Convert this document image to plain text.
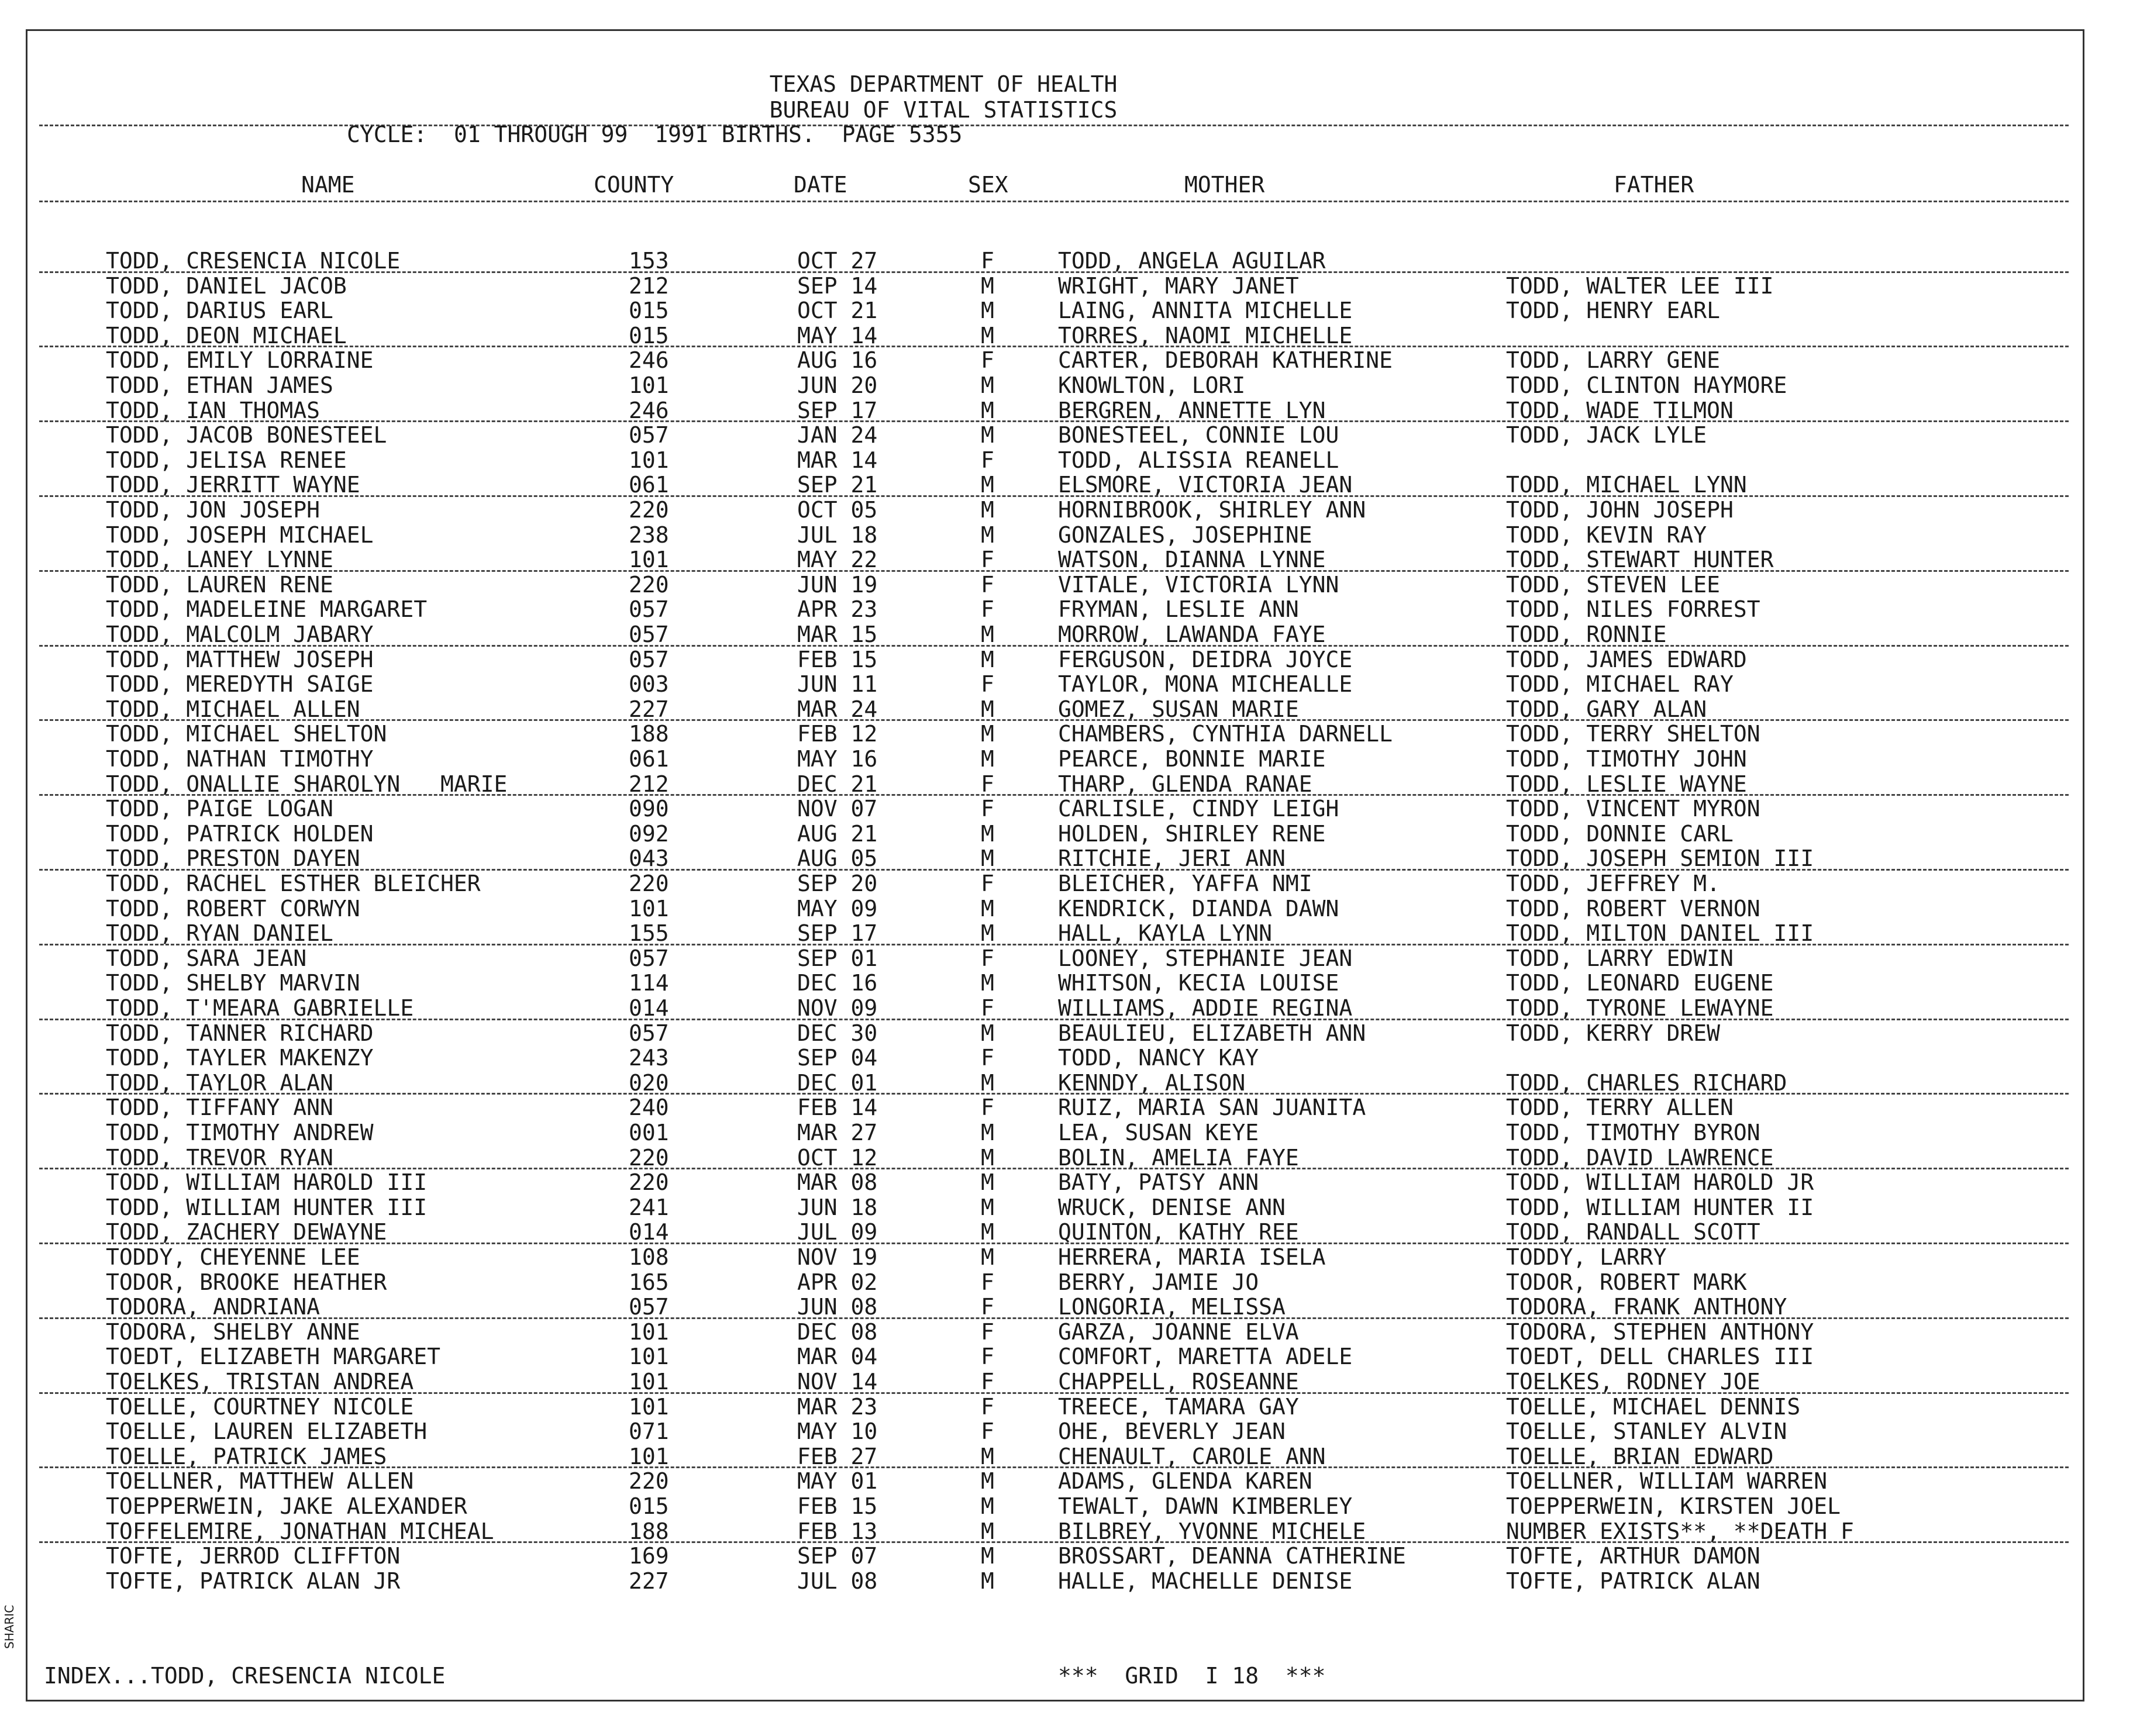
TEXAS DEPARTMENT OF HEALTH
BUREAU OF VITAL STATISTICS
CYCLE:  01 THROUGH 99  1991 BIRTHS.  PAGE 5355
NAME	COUNTY	DATE	SEX	MOTHER	FATHER
TODD, CRESENCIA NICOLE	153	OCT 27	F	TODD, ANGELA AGUILAR
TODD, DANIEL JACOB	212	SEP 14	M	WRIGHT, MARY JANET	TODD, WALTER LEE III
TODD, DARIUS EARL	015	OCT 21	M	LAING, ANNITA MICHELLE	TODD, HENRY EARL
TODD, DEON MICHAEL	015	MAY 14	M	TORRES, NAOMI MICHELLE
TODD, EMILY LORRAINE	246	AUG 16	F	CARTER, DEBORAH KATHERINE	TODD, LARRY GENE
TODD, ETHAN JAMES	101	JUN 20	M	KNOWLTON, LORI	TODD, CLINTON HAYMORE
TODD, IAN THOMAS	246	SEP 17	M	BERGREN, ANNETTE LYN	TODD, WADE TILMON
TODD, JACOB BONESTEEL	057	JAN 24	M	BONESTEEL, CONNIE LOU	TODD, JACK LYLE
TODD, JELISA RENEE	101	MAR 14	F	TODD, ALISSIA REANELL
TODD, JERRITT WAYNE	061	SEP 21	M	ELSMORE, VICTORIA JEAN	TODD, MICHAEL LYNN
TODD, JON JOSEPH	220	OCT 05	M	HORNIBROOK, SHIRLEY ANN	TODD, JOHN JOSEPH
TODD, JOSEPH MICHAEL	238	JUL 18	M	GONZALES, JOSEPHINE	TODD, KEVIN RAY
TODD, LANEY LYNNE	101	MAY 22	F	WATSON, DIANNA LYNNE	TODD, STEWART HUNTER
TODD, LAUREN RENE	220	JUN 19	F	VITALE, VICTORIA LYNN	TODD, STEVEN LEE
TODD, MADELEINE MARGARET	057	APR 23	F	FRYMAN, LESLIE ANN	TODD, NILES FORREST
TODD, MALCOLM JABARY	057	MAR 15	M	MORROW, LAWANDA FAYE	TODD, RONNIE
TODD, MATTHEW JOSEPH	057	FEB 15	M	FERGUSON, DEIDRA JOYCE	TODD, JAMES EDWARD
TODD, MEREDYTH SAIGE	003	JUN 11	F	TAYLOR, MONA MICHEALLE	TODD, MICHAEL RAY
TODD, MICHAEL ALLEN	227	MAR 24	M	GOMEZ, SUSAN MARIE	TODD, GARY ALAN
TODD, MICHAEL SHELTON	188	FEB 12	M	CHAMBERS, CYNTHIA DARNELL	TODD, TERRY SHELTON
TODD, NATHAN TIMOTHY	061	MAY 16	M	PEARCE, BONNIE MARIE	TODD, TIMOTHY JOHN
TODD, ONALLIE SHAROLYN   MARIE	212	DEC 21	F	THARP, GLENDA RANAE	TODD, LESLIE WAYNE
TODD, PAIGE LOGAN	090	NOV 07	F	CARLISLE, CINDY LEIGH	TODD, VINCENT MYRON
TODD, PATRICK HOLDEN	092	AUG 21	M	HOLDEN, SHIRLEY RENE	TODD, DONNIE CARL
TODD, PRESTON DAYEN	043	AUG 05	M	RITCHIE, JERI ANN	TODD, JOSEPH SEMION III
TODD, RACHEL ESTHER BLEICHER	220	SEP 20	F	BLEICHER, YAFFA NMI	TODD, JEFFREY M.
TODD, ROBERT CORWYN	101	MAY 09	M	KENDRICK, DIANDA DAWN	TODD, ROBERT VERNON
TODD, RYAN DANIEL	155	SEP 17	M	HALL, KAYLA LYNN	TODD, MILTON DANIEL III
TODD, SARA JEAN	057	SEP 01	F	LOONEY, STEPHANIE JEAN	TODD, LARRY EDWIN
TODD, SHELBY MARVIN	114	DEC 16	M	WHITSON, KECIA LOUISE	TODD, LEONARD EUGENE
TODD, T'MEARA GABRIELLE	014	NOV 09	F	WILLIAMS, ADDIE REGINA	TODD, TYRONE LEWAYNE
TODD, TANNER RICHARD	057	DEC 30	M	BEAULIEU, ELIZABETH ANN	TODD, KERRY DREW
TODD, TAYLER MAKENZY	243	SEP 04	F	TODD, NANCY KAY
TODD, TAYLOR ALAN	020	DEC 01	M	KENNDY, ALISON	TODD, CHARLES RICHARD
TODD, TIFFANY ANN	240	FEB 14	F	RUIZ, MARIA SAN JUANITA	TODD, TERRY ALLEN
TODD, TIMOTHY ANDREW	001	MAR 27	M	LEA, SUSAN KEYE	TODD, TIMOTHY BYRON
TODD, TREVOR RYAN	220	OCT 12	M	BOLIN, AMELIA FAYE	TODD, DAVID LAWRENCE
TODD, WILLIAM HAROLD III	220	MAR 08	M	BATY, PATSY ANN	TODD, WILLIAM HAROLD JR
TODD, WILLIAM HUNTER III	241	JUN 18	M	WRUCK, DENISE ANN	TODD, WILLIAM HUNTER II
TODD, ZACHERY DEWAYNE	014	JUL 09	M	QUINTON, KATHY REE	TODD, RANDALL SCOTT
TODDY, CHEYENNE LEE	108	NOV 19	M	HERRERA, MARIA ISELA	TODDY, LARRY
TODOR, BROOKE HEATHER	165	APR 02	F	BERRY, JAMIE JO	TODOR, ROBERT MARK
TODORA, ANDRIANA	057	JUN 08	F	LONGORIA, MELISSA	TODORA, FRANK ANTHONY
TODORA, SHELBY ANNE	101	DEC 08	F	GARZA, JOANNE ELVA	TODORA, STEPHEN ANTHONY
TOEDT, ELIZABETH MARGARET	101	MAR 04	F	COMFORT, MARETTA ADELE	TOEDT, DELL CHARLES III
TOELKES, TRISTAN ANDREA	101	NOV 14	F	CHAPPELL, ROSEANNE	TOELKES, RODNEY JOE
TOELLE, COURTNEY NICOLE	101	MAR 23	F	TREECE, TAMARA GAY	TOELLE, MICHAEL DENNIS
TOELLE, LAUREN ELIZABETH	071	MAY 10	F	OHE, BEVERLY JEAN	TOELLE, STANLEY ALVIN
TOELLE, PATRICK JAMES	101	FEB 27	M	CHENAULT, CAROLE ANN	TOELLE, BRIAN EDWARD
TOELLNER, MATTHEW ALLEN	220	MAY 01	M	ADAMS, GLENDA KAREN	TOELLNER, WILLIAM WARREN
TOEPPERWEIN, JAKE ALEXANDER	015	FEB 15	M	TEWALT, DAWN KIMBERLEY	TOEPPERWEIN, KIRSTEN JOEL
TOFFELEMIRE, JONATHAN MICHEAL	188	FEB 13	M	BILBREY, YVONNE MICHELE	NUMBER EXISTS**, **DEATH F
TOFTE, JERROD CLIFFTON	169	SEP 07	M	BROSSART, DEANNA CATHERINE	TOFTE, ARTHUR DAMON
TOFTE, PATRICK ALAN JR	227	JUL 08	M	HALLE, MACHELLE DENISE	TOFTE, PATRICK ALAN
INDEX...TODD, CRESENCIA NICOLE	***  GRID  I 18  ***
SHARIC
